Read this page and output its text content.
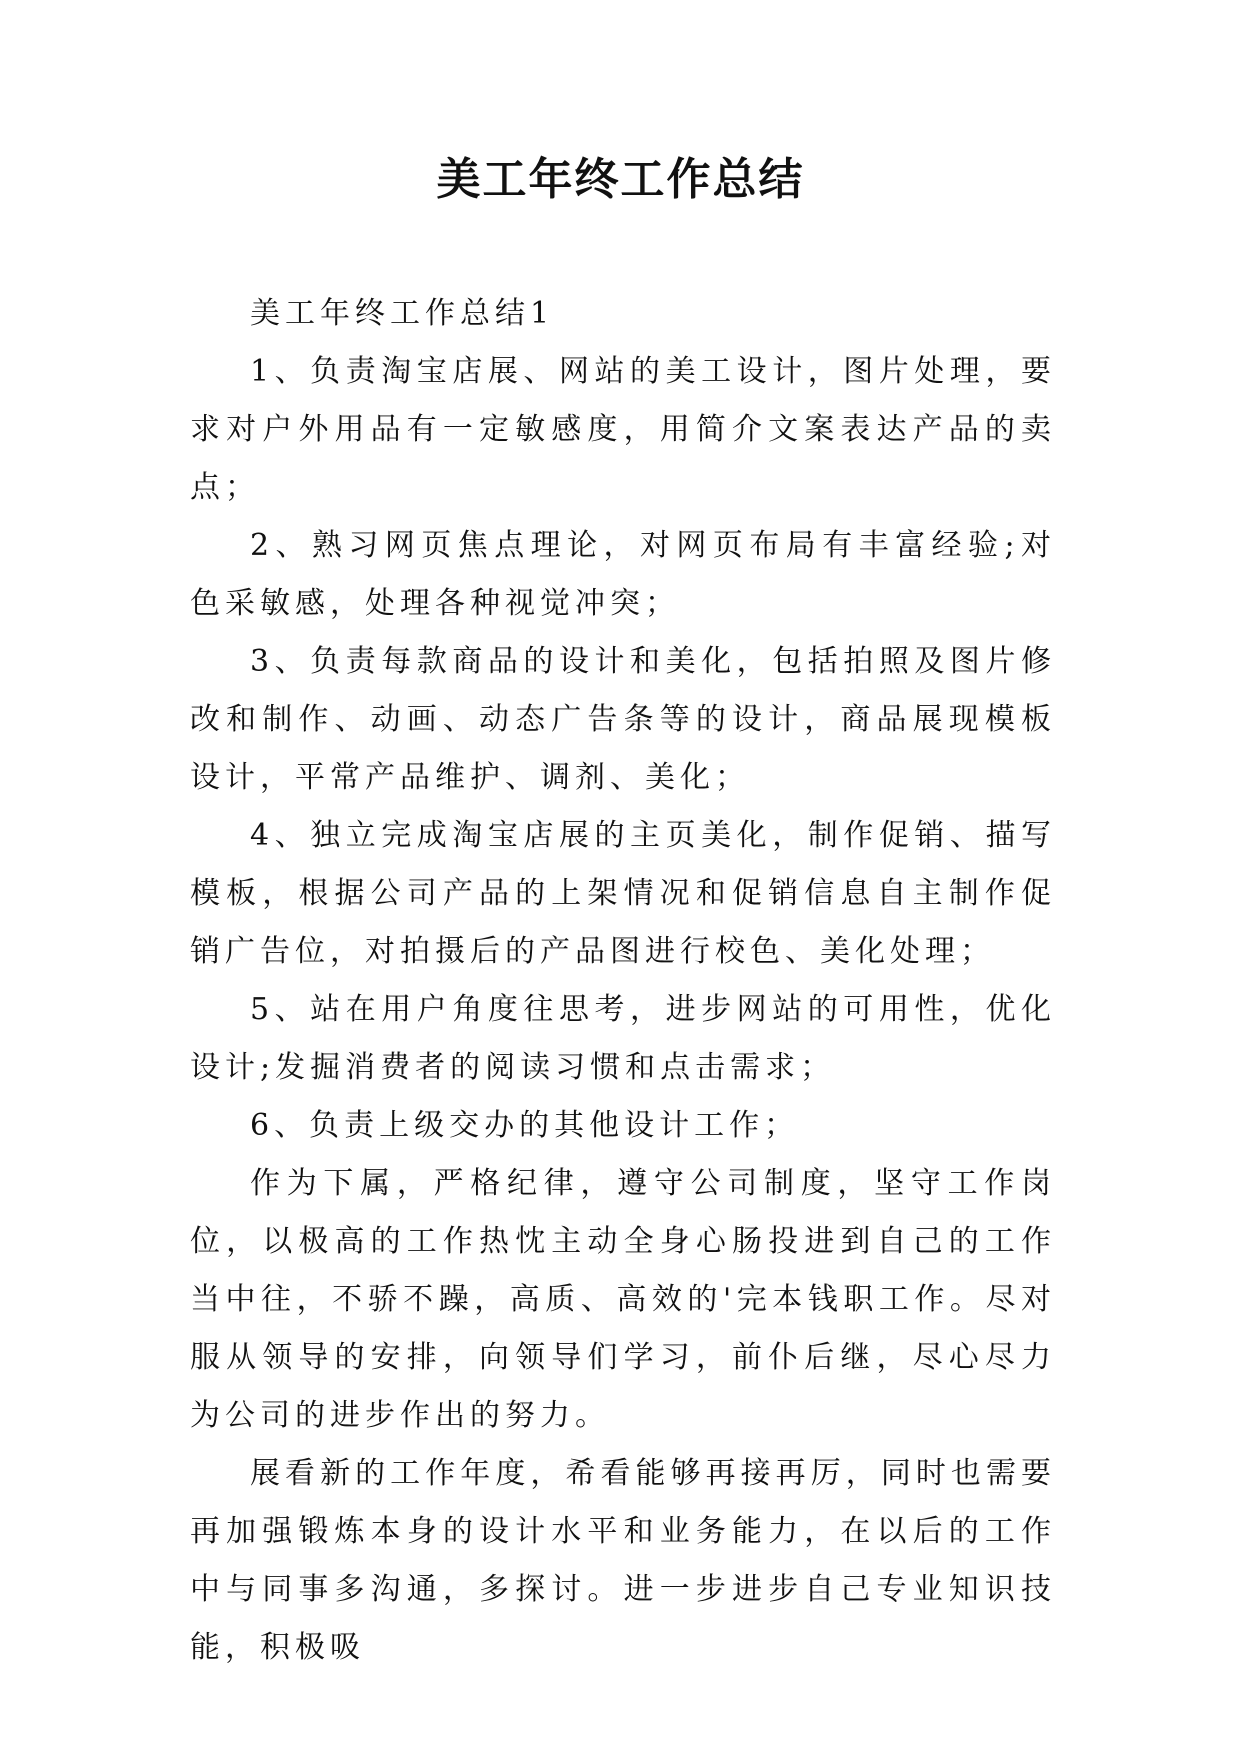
美工年终工作总结

美工年终工作总结1

1、负责淘宝店展、网站的美工设计，图片处理，要求对户外用品有一定敏感度，用简介文案表达产品的卖点；

2、熟习网页焦点理论，对网页布局有丰富经验;对色采敏感，处理各种视觉冲突；

3、负责每款商品的设计和美化，包括拍照及图片修改和制作、动画、动态广告条等的设计，商品展现模板设计，平常产品维护、调剂、美化；

4、独立完成淘宝店展的主页美化，制作促销、描写模板，根据公司产品的上架情况和促销信息自主制作促销广告位，对拍摄后的产品图进行校色、美化处理；

5、站在用户角度往思考，进步网站的可用性，优化设计;发掘消费者的阅读习惯和点击需求；

6、负责上级交办的其他设计工作；

作为下属，严格纪律，遵守公司制度，坚守工作岗位，以极高的工作热忱主动全身心肠投进到自己的工作当中往，不骄不躁，高质、高效的'完本钱职工作。尽对服从领导的安排，向领导们学习，前仆后继，尽心尽力为公司的进步作出的努力。

展看新的工作年度，希看能够再接再厉，同时也需要再加强锻炼本身的设计水平和业务能力，在以后的工作中与同事多沟通，多探讨。进一步进步自己专业知识技能，积极吸
